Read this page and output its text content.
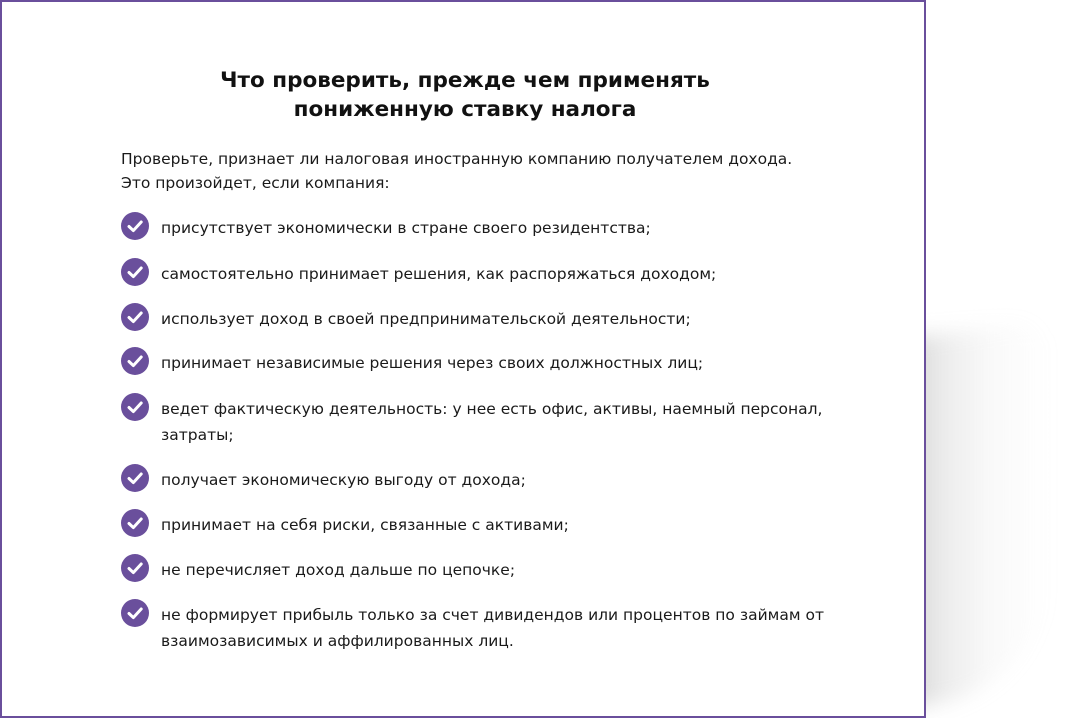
Что проверить, прежде чем применять
пониженную ставку налога
Проверьте, признает ли налоговая иностранную компанию получателем дохода.
Это произойдет, если компания:
присутствует экономически в стране своего резидентства;
самостоятельно принимает решения, как распоряжаться доходом;
использует доход в своей предпринимательской деятельности;
принимает независимые решения через своих должностных лиц;
ведет фактическую деятельность: у нее есть офис, активы, наемный персонал, затраты;
получает экономическую выгоду от дохода;
принимает на себя риски, связанные с активами;
не перечисляет доход дальше по цепочке;
не формирует прибыль только за счет дивидендов или процентов по займам от взаимозависимых и аффилированных лиц.
